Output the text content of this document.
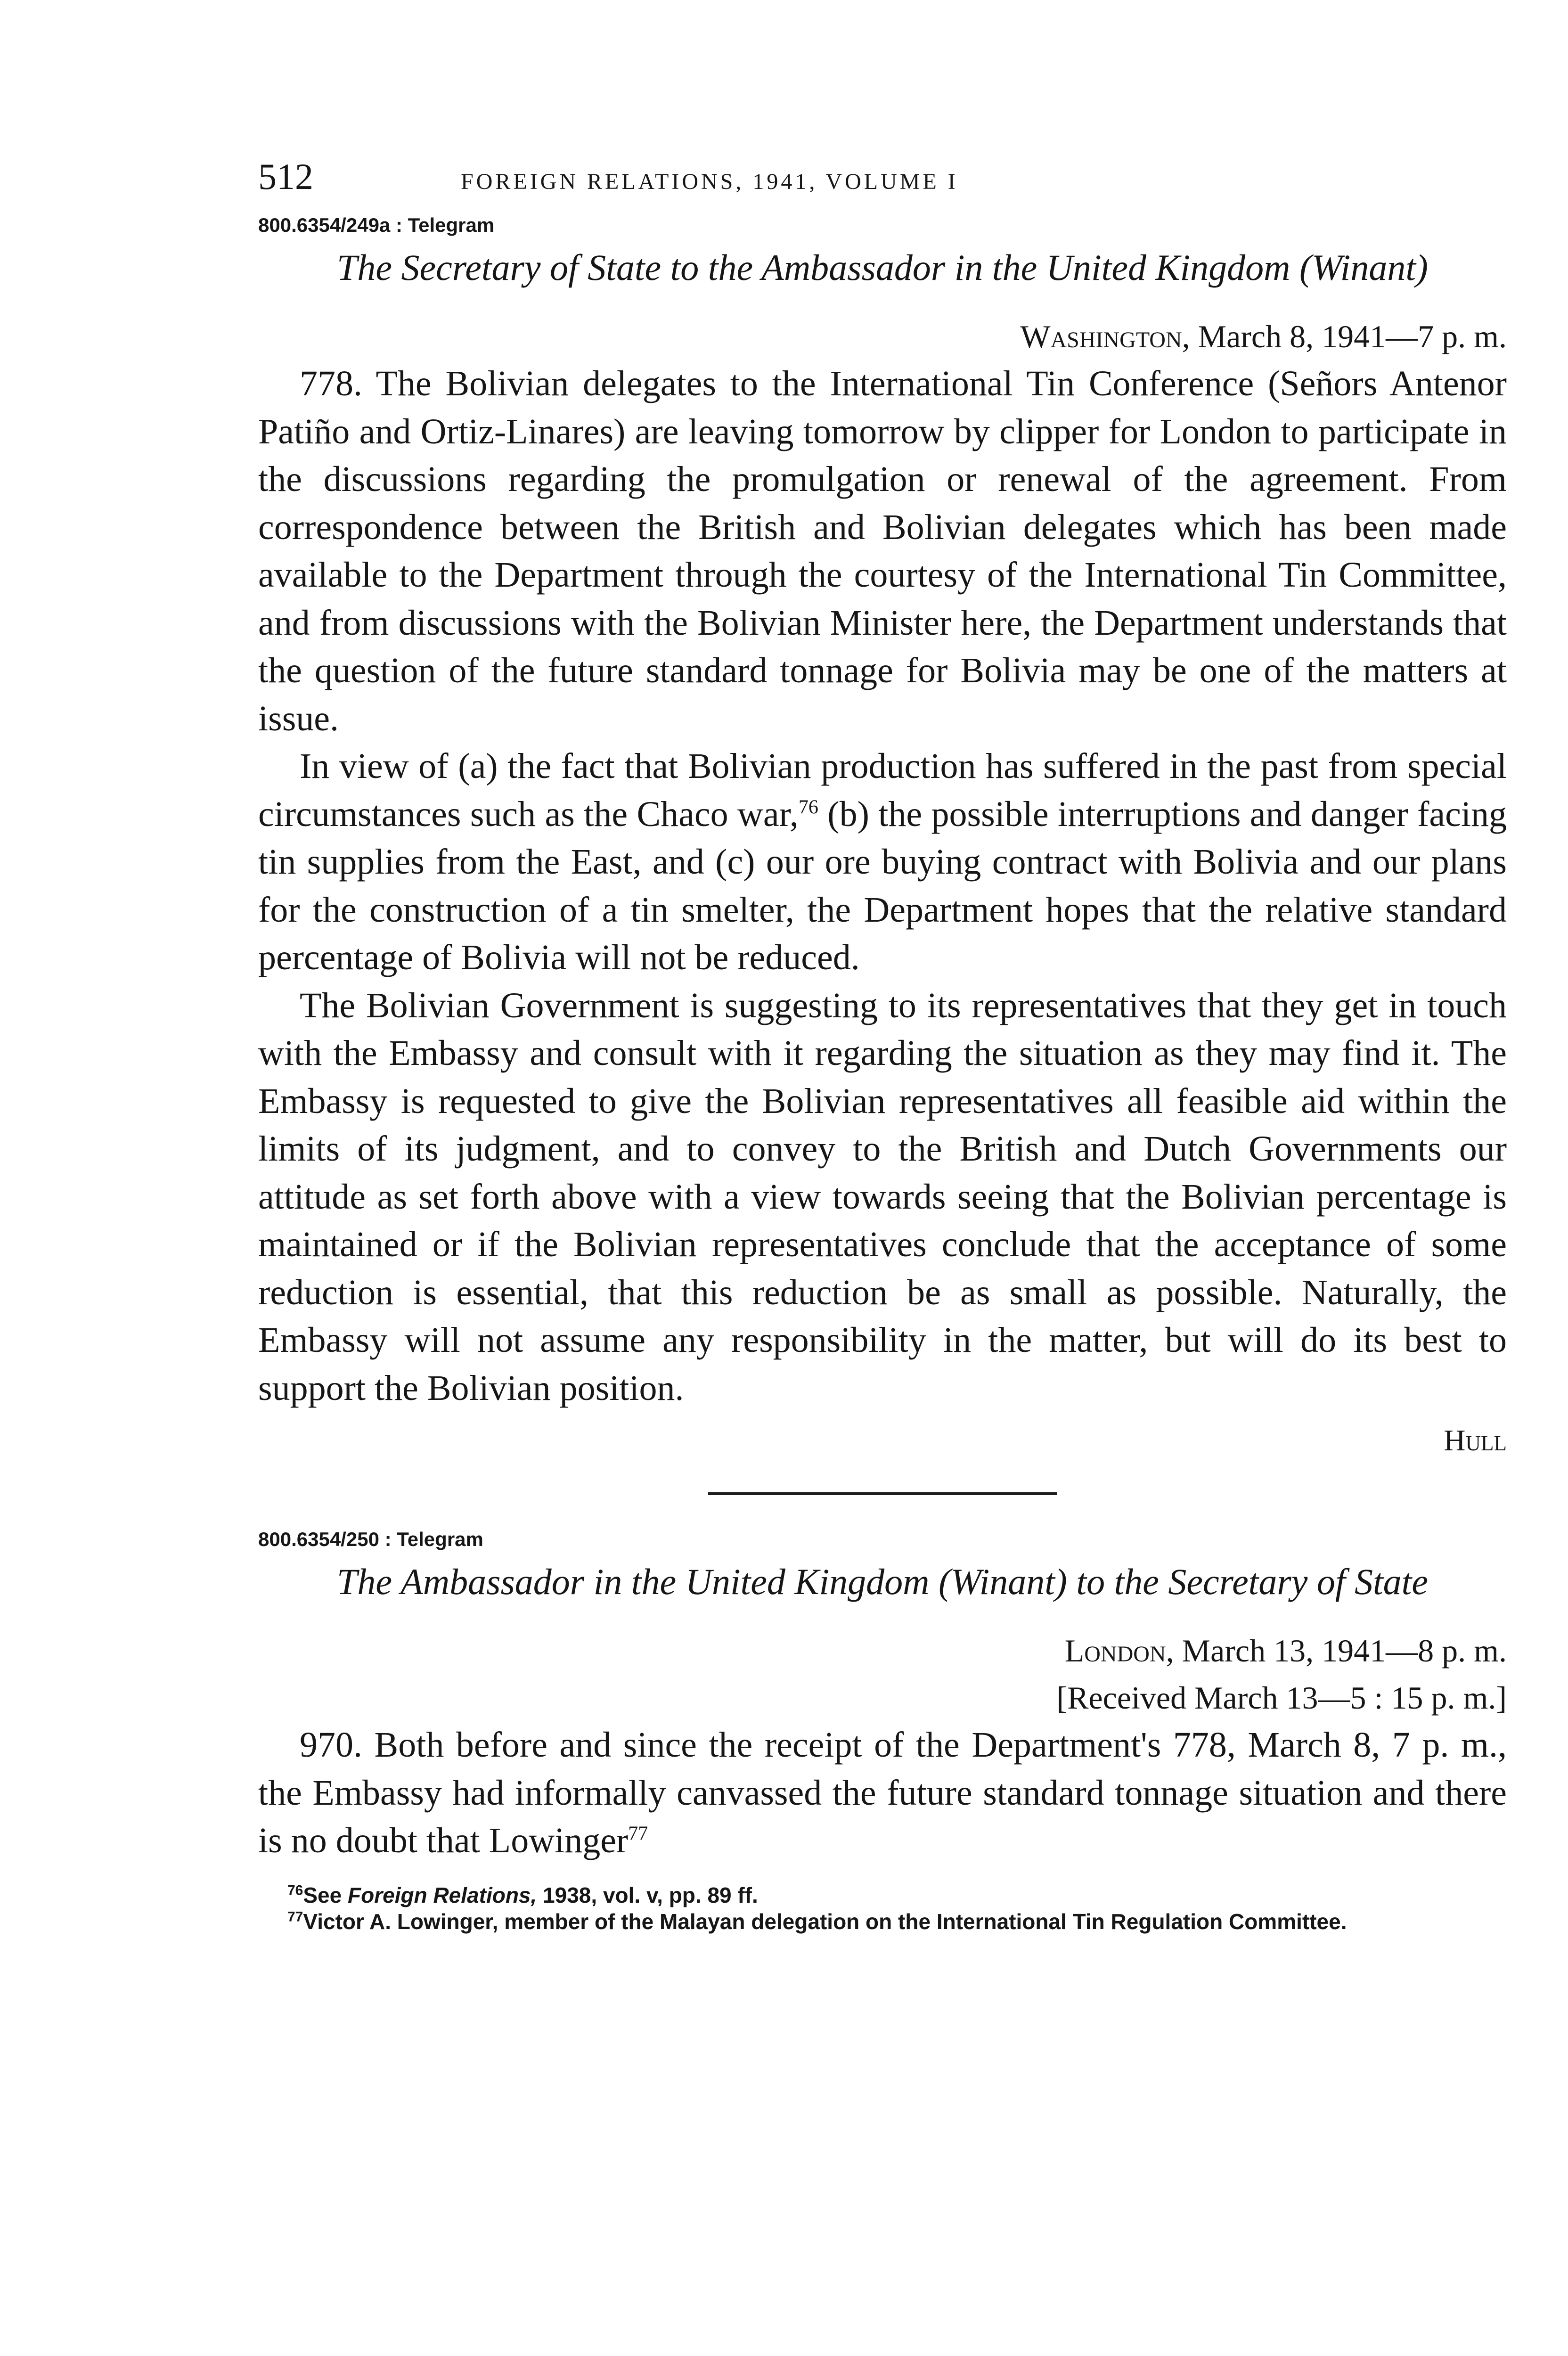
512	FOREIGN RELATIONS, 1941, VOLUME I
800.6354/249a : Telegram

The Secretary of State to the Ambassador in the United Kingdom (Winant)

Washington, March 8, 1941—7 p. m.

778. The Bolivian delegates to the International Tin Conference (Señors Antenor Patiño and Ortiz-Linares) are leaving tomorrow by clipper for London to participate in the discussions regarding the promulgation or renewal of the agreement. From correspondence between the British and Bolivian delegates which has been made available to the Department through the courtesy of the International Tin Committee, and from discussions with the Bolivian Minister here, the Department understands that the question of the future standard tonnage for Bolivia may be one of the matters at issue.

In view of (a) the fact that Bolivian production has suffered in the past from special circumstances such as the Chaco war,$^{76}$ (b) the possible interruptions and danger facing tin supplies from the East, and (c) our ore buying contract with Bolivia and our plans for the construction of a tin smelter, the Department hopes that the relative standard percentage of Bolivia will not be reduced.

The Bolivian Government is suggesting to its representatives that they get in touch with the Embassy and consult with it regarding the situation as they may find it. The Embassy is requested to give the Bolivian representatives all feasible aid within the limits of its judgment, and to convey to the British and Dutch Governments our attitude as set forth above with a view towards seeing that the Bolivian percentage is maintained or if the Bolivian representatives conclude that the acceptance of some reduction is essential, that this reduction be as small as possible. Naturally, the Embassy will not assume any responsibility in the matter, but will do its best to support the Bolivian position.

Hull
800.6354/250 : Telegram

The Ambassador in the United Kingdom (Winant) to the Secretary of State

London, March 13, 1941—8 p. m.
[Received March 13—5 : 15 p. m.]

970. Both before and since the receipt of the Department's 778, March 8, 7 p. m., the Embassy had informally canvassed the future standard tonnage situation and there is no doubt that Lowinger$^{77}$

$^{76}$See Foreign Relations, 1938, vol. v, pp. 89 ff.

$^{77}$Victor A. Lowinger, member of the Malayan delegation on the International Tin Regulation Committee.
